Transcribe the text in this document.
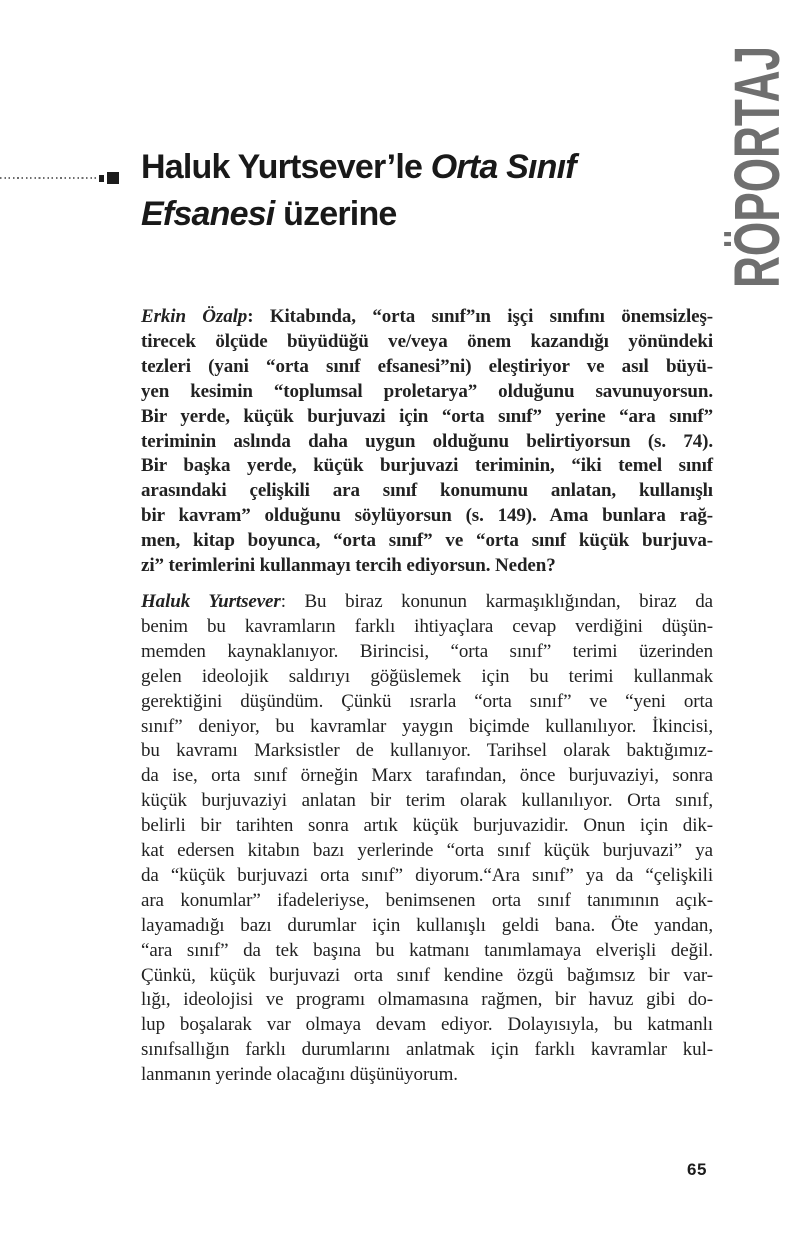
RÖPORTAJ
Haluk Yurtsever’le Orta Sınıf
Efsanesi üzerine
Erkin Özalp: Kitabında, “orta sınıf”ın işçi sınıfını önemsizleş-
tirecek ölçüde büyüdüğü ve/veya önem kazandığı yönündeki
tezleri (yani “orta sınıf efsanesi”ni) eleştiriyor ve asıl büyü-
yen kesimin “toplumsal proletarya” olduğunu savunuyorsun.
Bir yerde, küçük burjuvazi için “orta sınıf” yerine “ara sınıf”
teriminin aslında daha uygun olduğunu belirtiyorsun (s. 74).
Bir başka yerde, küçük burjuvazi teriminin, “iki temel sınıf
arasındaki çelişkili ara sınıf konumunu anlatan, kullanışlı
bir kavram” olduğunu söylüyorsun (s. 149). Ama bunlara rağ-
men, kitap boyunca, “orta sınıf” ve “orta sınıf küçük burjuva-
zi” terimlerini kullanmayı tercih ediyorsun. Neden?
Haluk Yurtsever: Bu biraz konunun karmaşıklığından, biraz da
benim bu kavramların farklı ihtiyaçlara cevap verdiğini düşün-
memden kaynaklanıyor. Birincisi, “orta sınıf” terimi üzerinden
gelen ideolojik saldırıyı göğüslemek için bu terimi kullanmak
gerektiğini düşündüm. Çünkü ısrarla “orta sınıf” ve “yeni orta
sınıf” deniyor, bu kavramlar yaygın biçimde kullanılıyor. İkincisi,
bu kavramı Marksistler de kullanıyor. Tarihsel olarak baktığımız-
da ise, orta sınıf örneğin Marx tarafından, önce burjuvaziyi, sonra
küçük burjuvaziyi anlatan bir terim olarak kullanılıyor. Orta sınıf,
belirli bir tarihten sonra artık küçük burjuvazidir. Onun için dik-
kat edersen kitabın bazı yerlerinde “orta sınıf küçük burjuvazi” ya
da “küçük burjuvazi orta sınıf” diyorum.“Ara sınıf” ya da “çelişkili
ara konumlar” ifadeleriyse, benimsenen orta sınıf tanımının açık-
layamadığı bazı durumlar için kullanışlı geldi bana. Öte yandan,
“ara sınıf” da tek başına bu katmanı tanımlamaya elverişli değil.
Çünkü, küçük burjuvazi orta sınıf kendine özgü bağımsız bir var-
lığı, ideolojisi ve programı olmamasına rağmen, bir havuz gibi do-
lup boşalarak var olmaya devam ediyor. Dolayısıyla, bu katmanlı
sınıfsallığın farklı durumlarını anlatmak için farklı kavramlar kul-
lanmanın yerinde olacağını düşünüyorum.
65
